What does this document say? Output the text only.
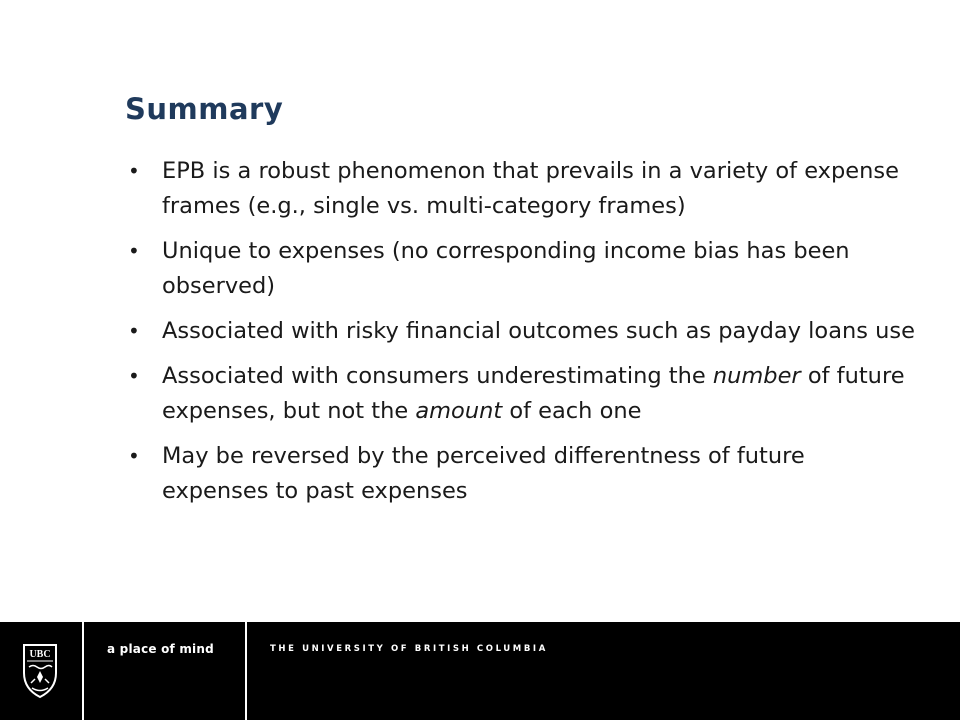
Summary
• EPB is a robust phenomenon that prevails in a variety of expense frames (e.g., single vs. multi-category frames)
• Unique to expenses (no corresponding income bias has been observed)
• Associated with risky financial outcomes such as payday loans use
• Associated with consumers underestimating the number of future expenses, but not the amount of each one
• May be reversed by the perceived differentness of future expenses to past expenses
UBC	a place of mind	THE UNIVERSITY OF BRITISH COLUMBIA
